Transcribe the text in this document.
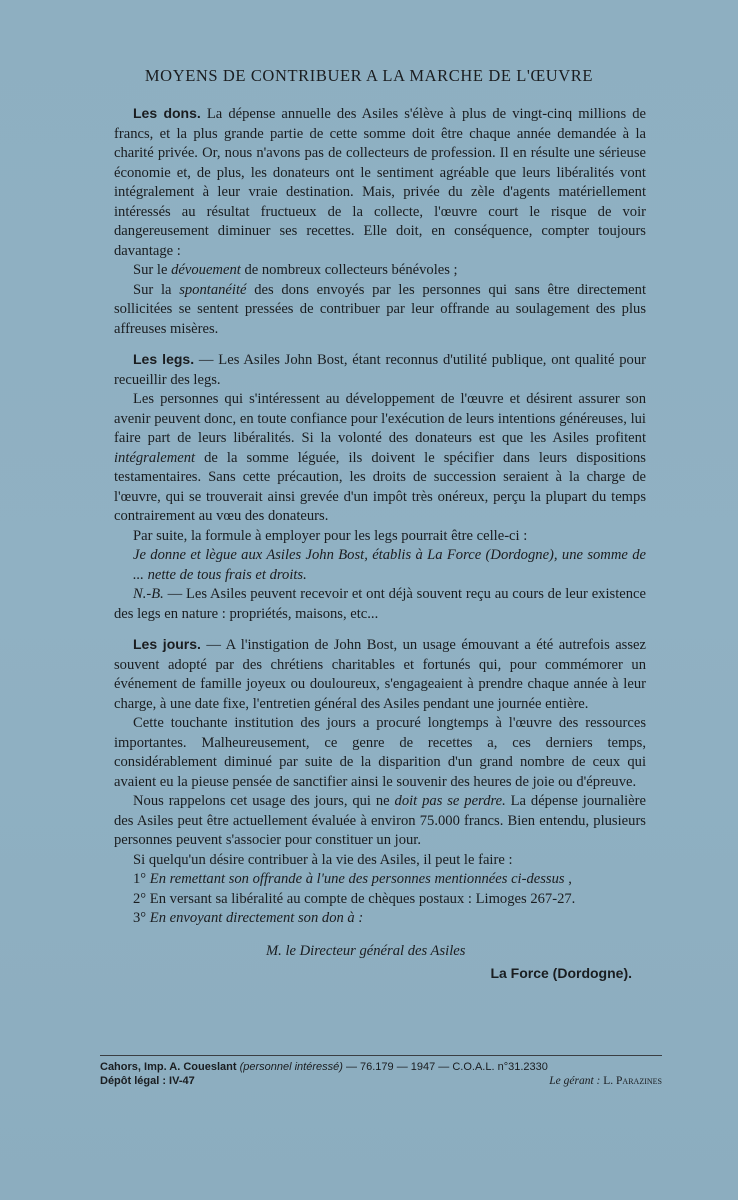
MOYENS DE CONTRIBUER A LA MARCHE DE L'ŒUVRE

Les dons. La dépense annuelle des Asiles s'élève à plus de vingt-cinq millions de francs, et la plus grande partie de cette somme doit être chaque année demandée à la charité privée. Or, nous n'avons pas de collecteurs de profession. Il en résulte une sérieuse économie et, de plus, les donateurs ont le sentiment agréable que leurs libéralités vont intégralement à leur vraie destination. Mais, privée du zèle d'agents matériellement intéressés au résultat fructueux de la collecte, l'œuvre court le risque de voir dangereusement diminuer ses recettes. Elle doit, en conséquence, compter toujours davantage :

Sur le dévouement de nombreux collecteurs bénévoles ;

Sur la spontanéité des dons envoyés par les personnes qui sans être directement sollicitées se sentent pressées de contribuer par leur offrande au soulagement des plus affreuses misères.

Les legs. — Les Asiles John Bost, étant reconnus d'utilité publique, ont qualité pour recueillir des legs.

Les personnes qui s'intéressent au développement de l'œuvre et désirent assurer son avenir peuvent donc, en toute confiance pour l'exécution de leurs intentions généreuses, lui faire part de leurs libéralités. Si la volonté des donateurs est que les Asiles profitent intégralement de la somme léguée, ils doivent le spécifier dans leurs dispositions testamentaires. Sans cette précaution, les droits de succession seraient à la charge de l'œuvre, qui se trouverait ainsi grevée d'un impôt très onéreux, perçu la plupart du temps contrairement au vœu des donateurs.

Par suite, la formule à employer pour les legs pourrait être celle-ci :

Je donne et lègue aux Asiles John Bost, établis à La Force (Dordogne), une somme de ... nette de tous frais et droits.

N.-B. — Les Asiles peuvent recevoir et ont déjà souvent reçu au cours de leur existence des legs en nature : propriétés, maisons, etc...

Les jours. — A l'instigation de John Bost, un usage émouvant a été autrefois assez souvent adopté par des chrétiens charitables et fortunés qui, pour commémorer un événement de famille joyeux ou douloureux, s'engageaient à prendre chaque année à leur charge, à une date fixe, l'entretien général des Asiles pendant une journée entière.

Cette touchante institution des jours a procuré longtemps à l'œuvre des ressources importantes. Malheureusement, ce genre de recettes a, ces derniers temps, considérablement diminué par suite de la disparition d'un grand nombre de ceux qui avaient eu la pieuse pensée de sanctifier ainsi le souvenir des heures de joie ou d'épreuve.

Nous rappelons cet usage des jours, qui ne doit pas se perdre. La dépense journalière des Asiles peut être actuellement évaluée à environ 75.000 francs. Bien entendu, plusieurs personnes peuvent s'associer pour constituer un jour.

Si quelqu'un désire contribuer à la vie des Asiles, il peut le faire :

1° En remettant son offrande à l'une des personnes mentionnées ci-dessus ,

2° En versant sa libéralité au compte de chèques postaux : Limoges 267-27.

3° En envoyant directement son don à :

M. le Directeur général des Asiles
La Force (Dordogne).
Cahors, Imp. A. Coueslant (personnel intéressé) — 76.179 — 1947 — C.O.A.L. n°31.2330
Dépôt légal : IV-47	Le gérant : L. Parazines
